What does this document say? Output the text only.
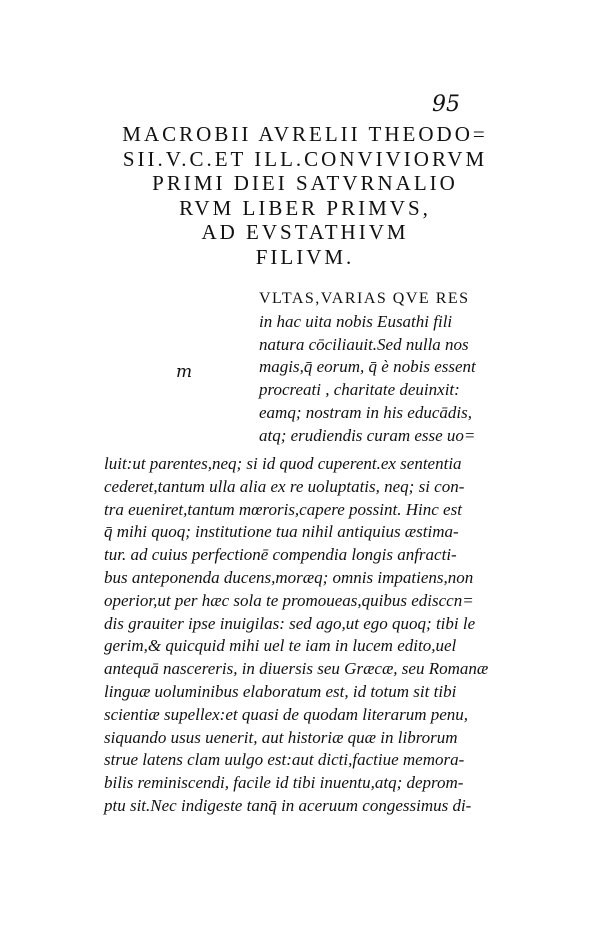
95
MACROBII AVRELII THEODO=
SII.V.C.ET ILL.CONVIVIORVM
PRIMI DIEI SATVRNALIO
RVM LIBER PRIMVS,
AD EVSTATHIVM
FILIVM.
m
VLTAS,VARIAS QVE RES
in hac uita nobis Eusathi fili
natura cōciliauit.Sed nulla nos
magis,q̄ eorum, q̄ è nobis essent
procreati , charitate deuinxit:
eamq; nostram in his educādis,
atq; erudiendis curam esse uo=
luit:ut parentes,neq; si id quod cuperent.ex sententia
cederet,tantum ulla alia ex re uoluptatis, neq; si con-
tra eueniret,tantum mœroris,capere possint. Hinc est
q̄ mihi quoq; institutione tua nihil antiquius æstima-
tur. ad cuius perfectionē compendia longis anfracti-
bus anteponenda ducens,moræq; omnis impatiens,non
operior,ut per hæc sola te promoueas,quibus edisccn=
dis grauiter ipse inuigilas: sed ago,ut ego quoq; tibi le
gerim,& quicquid mihi uel te iam in lucem edito,uel
antequā nascereris, in diuersis seu Græcæ, seu Romanæ
linguæ uoluminibus elaboratum est, id totum sit tibi
scientiæ supellex:et quasi de quodam literarum penu,
siquando usus uenerit, aut historiæ quæ in librorum
strue latens clam uulgo est:aut dicti,factiue memora-
bilis reminiscendi, facile id tibi inuentu,atq; deprom-
ptu sit.Nec indigeste tanq̄ in aceruum congessimus di-
